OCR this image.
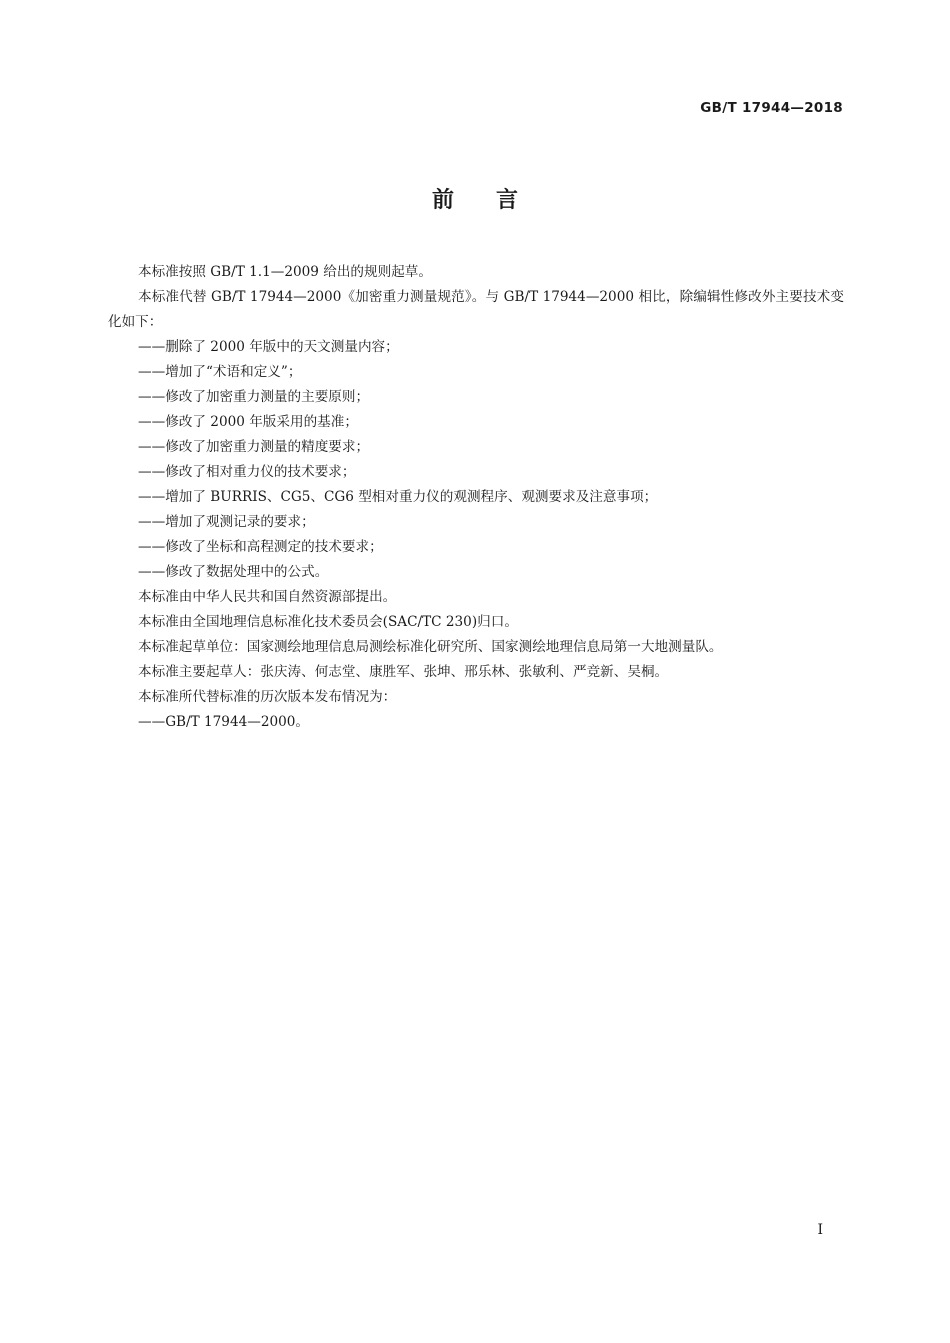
GB/T 17944—2018
前言

本标准按照 GB/T 1.1—2009 给出的规则起草。

本标准代替 GB/T 17944—2000《加密重力测量规范》。与 GB/T 17944—2000 相比，除编辑性修改外主要技术变化如下：

——删除了 2000 年版中的天文测量内容；

——增加了“术语和定义”；

——修改了加密重力测量的主要原则；

——修改了 2000 年版采用的基准；

——修改了加密重力测量的精度要求；

——修改了相对重力仪的技术要求；

——增加了 BURRIS、CG5、CG6 型相对重力仪的观测程序、观测要求及注意事项；

——增加了观测记录的要求；

——修改了坐标和高程测定的技术要求；

——修改了数据处理中的公式。

本标准由中华人民共和国自然资源部提出。

本标准由全国地理信息标准化技术委员会(SAC/TC 230)归口。

本标准起草单位：国家测绘地理信息局测绘标准化研究所、国家测绘地理信息局第一大地测量队。

本标准主要起草人：张庆涛、何志堂、康胜军、张坤、邢乐林、张敏利、严竞新、吴桐。

本标准所代替标准的历次版本发布情况为：

——GB/T 17944—2000。

I
